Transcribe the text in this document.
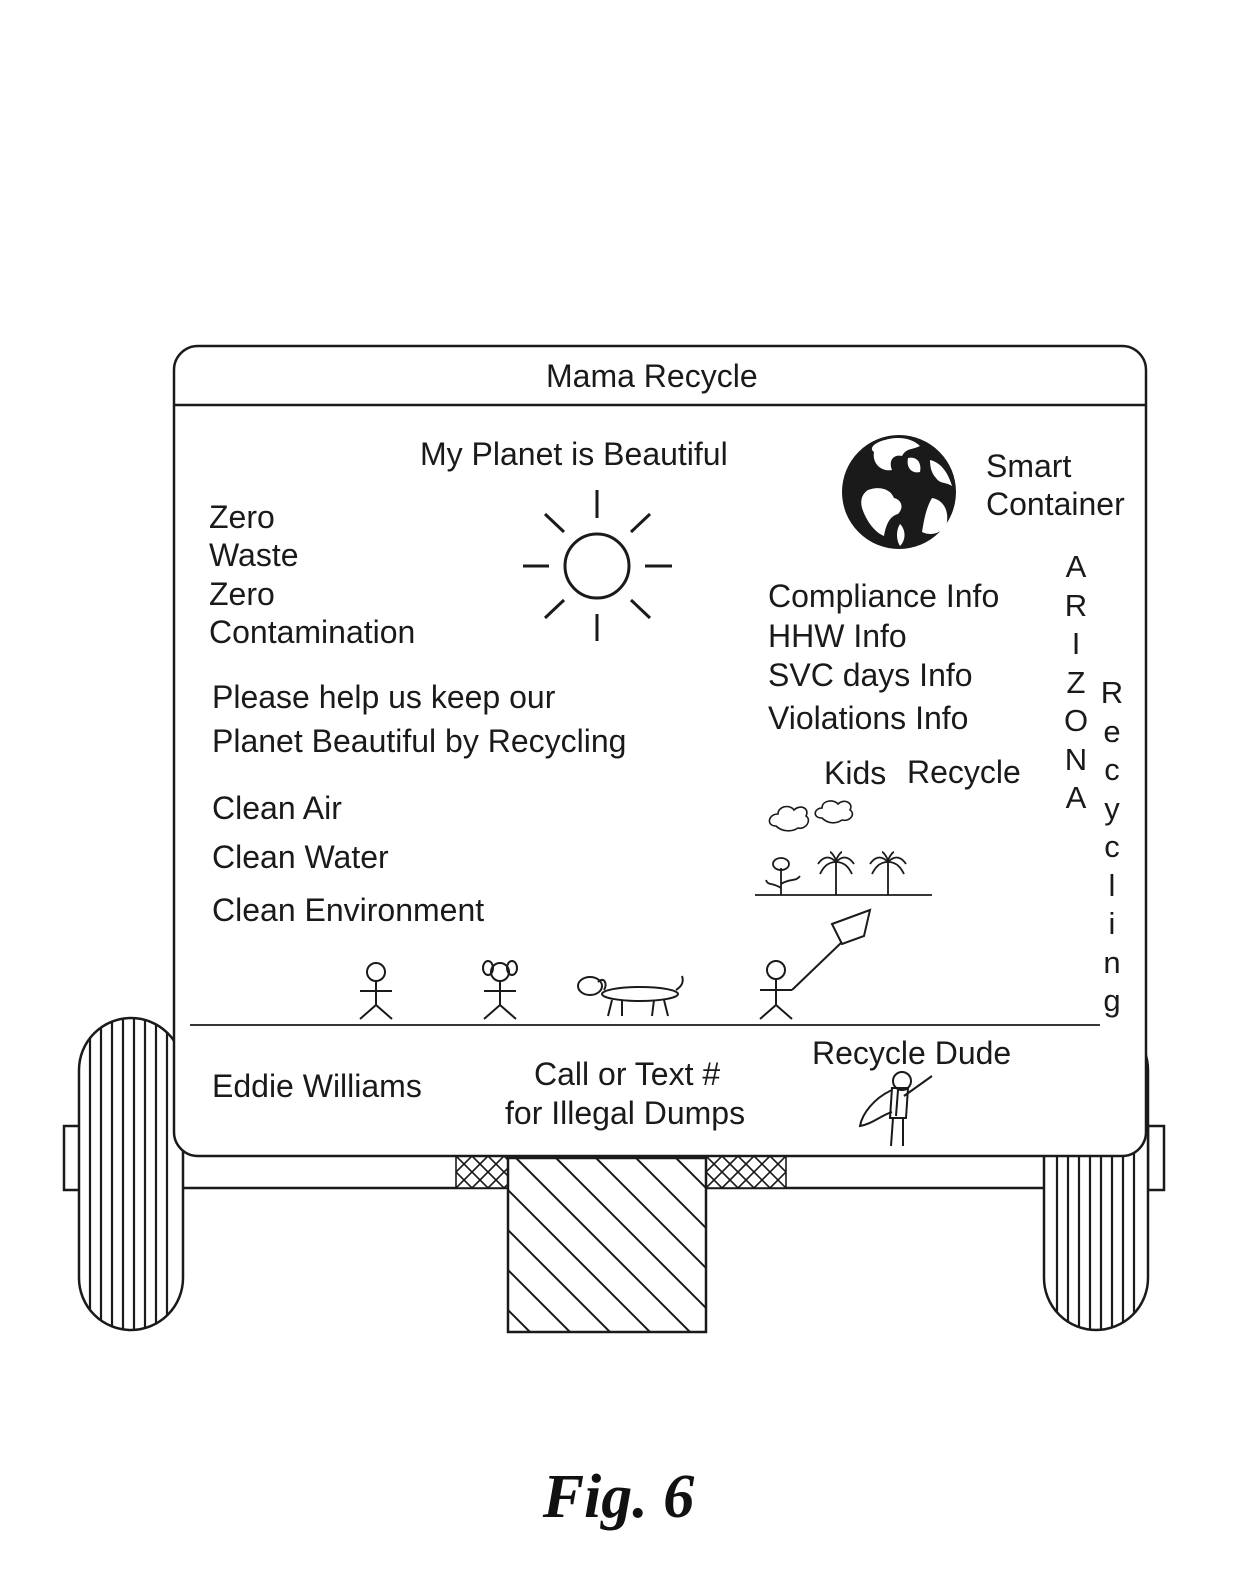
Mama Recycle
My Planet is Beautiful	Smart
Container
Zero
Waste
Zero
Contamination
Please help us keep our
Planet Beautiful by Recycling
Clean Air
Clean Water
Clean Environment
Compliance Info
HHW Info
SVC days Info
Violations Info
Kids Recycle
A
R
I
Z
O
N
A
R
e
c
y
c
l
i
n
g
Eddie Williams	Call or Text #
for Illegal Dumps
Recycle Dude
Fig. 6
